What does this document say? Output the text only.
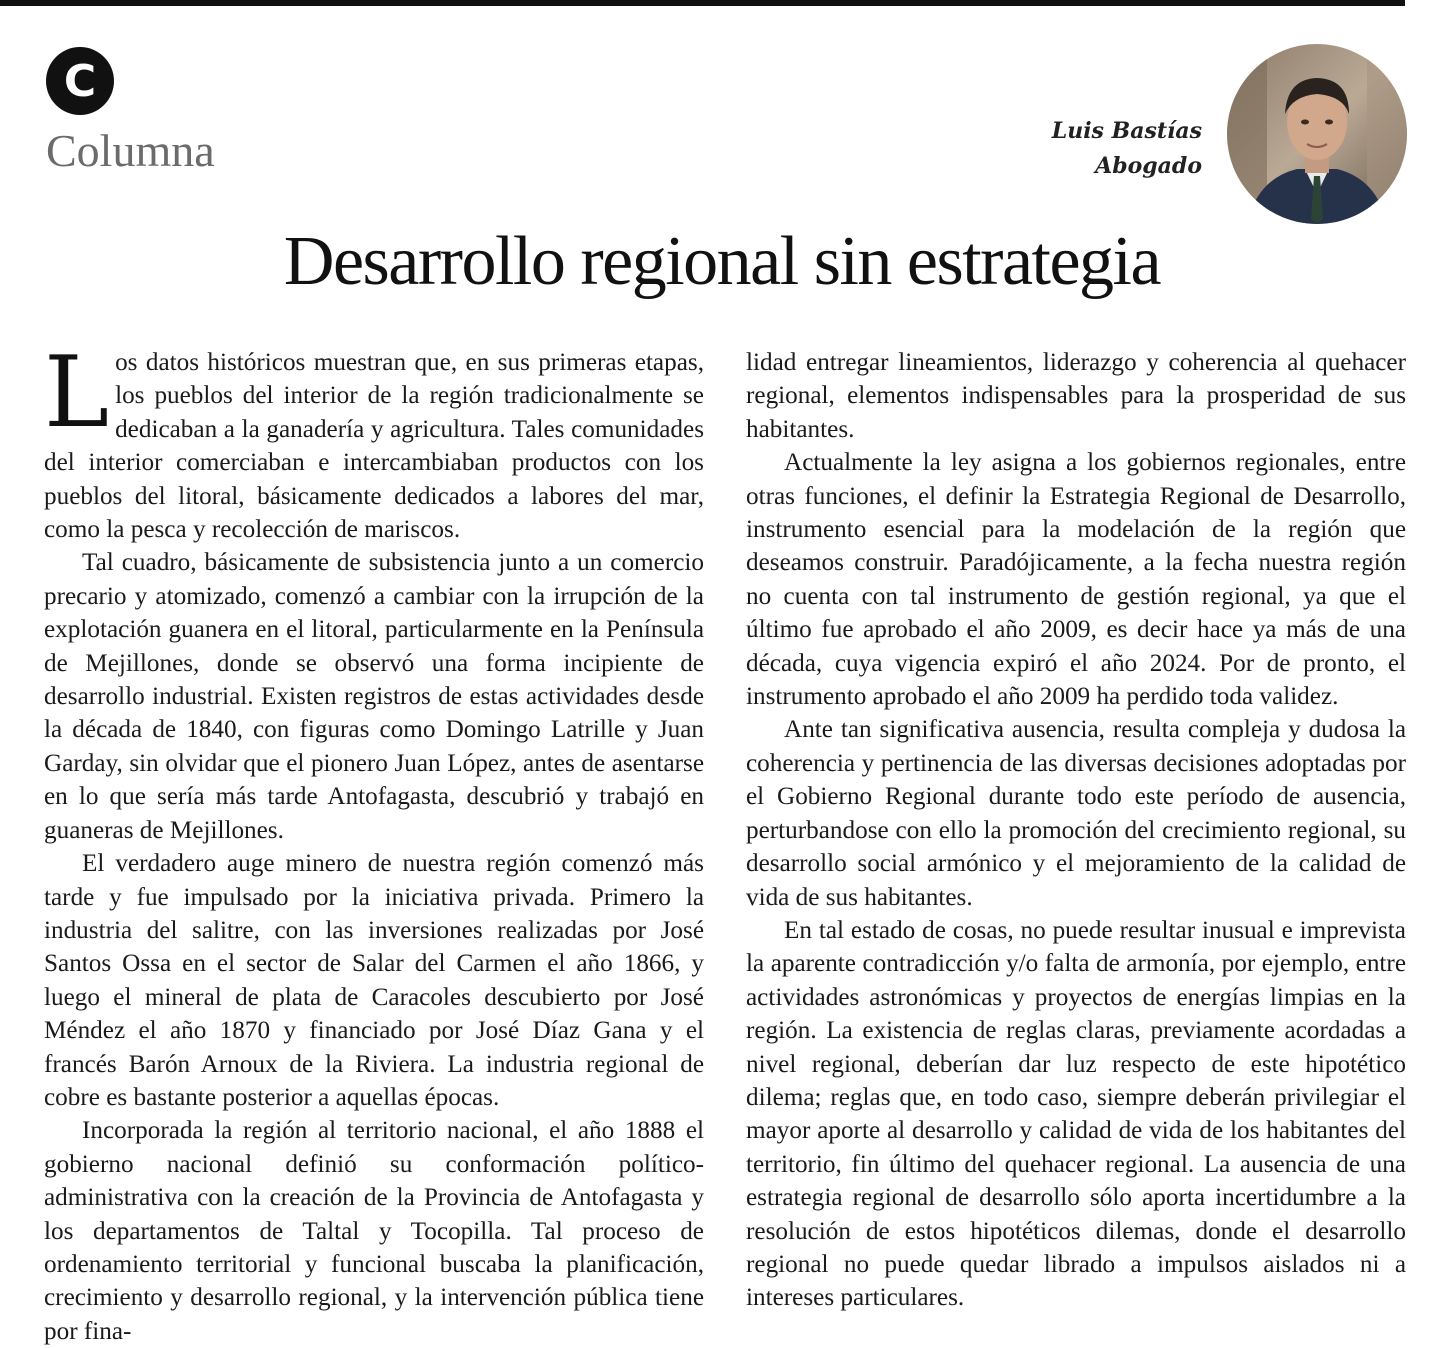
C
Columna	Luis Bastías
Abogado
Desarrollo regional sin estrategia

Los datos históricos muestran que, en sus primeras etapas, los pueblos del interior de la región tradicionalmente se dedicaban a la ganadería y agricultura. Tales comunidades del interior comerciaban e intercambiaban productos con los pueblos del litoral, básicamente dedicados a labores del mar, como la pesca y recolección de mariscos.

Tal cuadro, básicamente de subsistencia junto a un comercio precario y atomizado, comenzó a cambiar con la irrupción de la explotación guanera en el litoral, particularmente en la Península de Mejillones, donde se observó una forma incipiente de desarrollo industrial. Existen registros de estas actividades desde la década de 1840, con figuras como Domingo Latrille y Juan Garday, sin olvidar que el pionero Juan López, antes de asentarse en lo que sería más tarde Antofagasta, descubrió y trabajó en guaneras de Mejillones.

El verdadero auge minero de nuestra región comenzó más tarde y fue impulsado por la iniciativa privada. Primero la industria del salitre, con las inversiones realizadas por José Santos Ossa en el sector de Salar del Carmen el año 1866, y luego el mineral de plata de Caracoles descubierto por José Méndez el año 1870 y financiado por José Díaz Gana y el francés Barón Arnoux de la Riviera. La industria regional de cobre es bastante posterior a aquellas épocas.

Incorporada la región al territorio nacional, el año 1888 el gobierno nacional definió su conformación político-administrativa con la creación de la Provincia de Antofagasta y los departamentos de Taltal y Tocopilla. Tal proceso de ordenamiento territorial y funcional buscaba la planificación, crecimiento y desarrollo regional, y la intervención pública tiene por fina-

lidad entregar lineamientos, liderazgo y coherencia al quehacer regional, elementos indispensables para la prosperidad de sus habitantes.

Actualmente la ley asigna a los gobiernos regionales, entre otras funciones, el definir la Estrategia Regional de Desarrollo, instrumento esencial para la modelación de la región que deseamos construir. Paradójicamente, a la fecha nuestra región no cuenta con tal instrumento de gestión regional, ya que el último fue aprobado el año 2009, es decir hace ya más de una década, cuya vigencia expiró el año 2024. Por de pronto, el instrumento aprobado el año 2009 ha perdido toda validez.

Ante tan significativa ausencia, resulta compleja y dudosa la coherencia y pertinencia de las diversas decisiones adoptadas por el Gobierno Regional durante todo este período de ausencia, perturbandose con ello la promoción del crecimiento regional, su desarrollo social armónico y el mejoramiento de la calidad de vida de sus habitantes.

En tal estado de cosas, no puede resultar inusual e imprevista la aparente contradicción y/o falta de armonía, por ejemplo, entre actividades astronómicas y proyectos de energías limpias en la región. La existencia de reglas claras, previamente acordadas a nivel regional, deberían dar luz respecto de este hipotético dilema; reglas que, en todo caso, siempre deberán privilegiar el mayor aporte al desarrollo y calidad de vida de los habitantes del territorio, fin último del quehacer regional. La ausencia de una estrategia regional de desarrollo sólo aporta incertidumbre a la resolución de estos hipotéticos dilemas, donde el desarrollo regional no puede quedar librado a impulsos aislados ni a intereses particulares.
